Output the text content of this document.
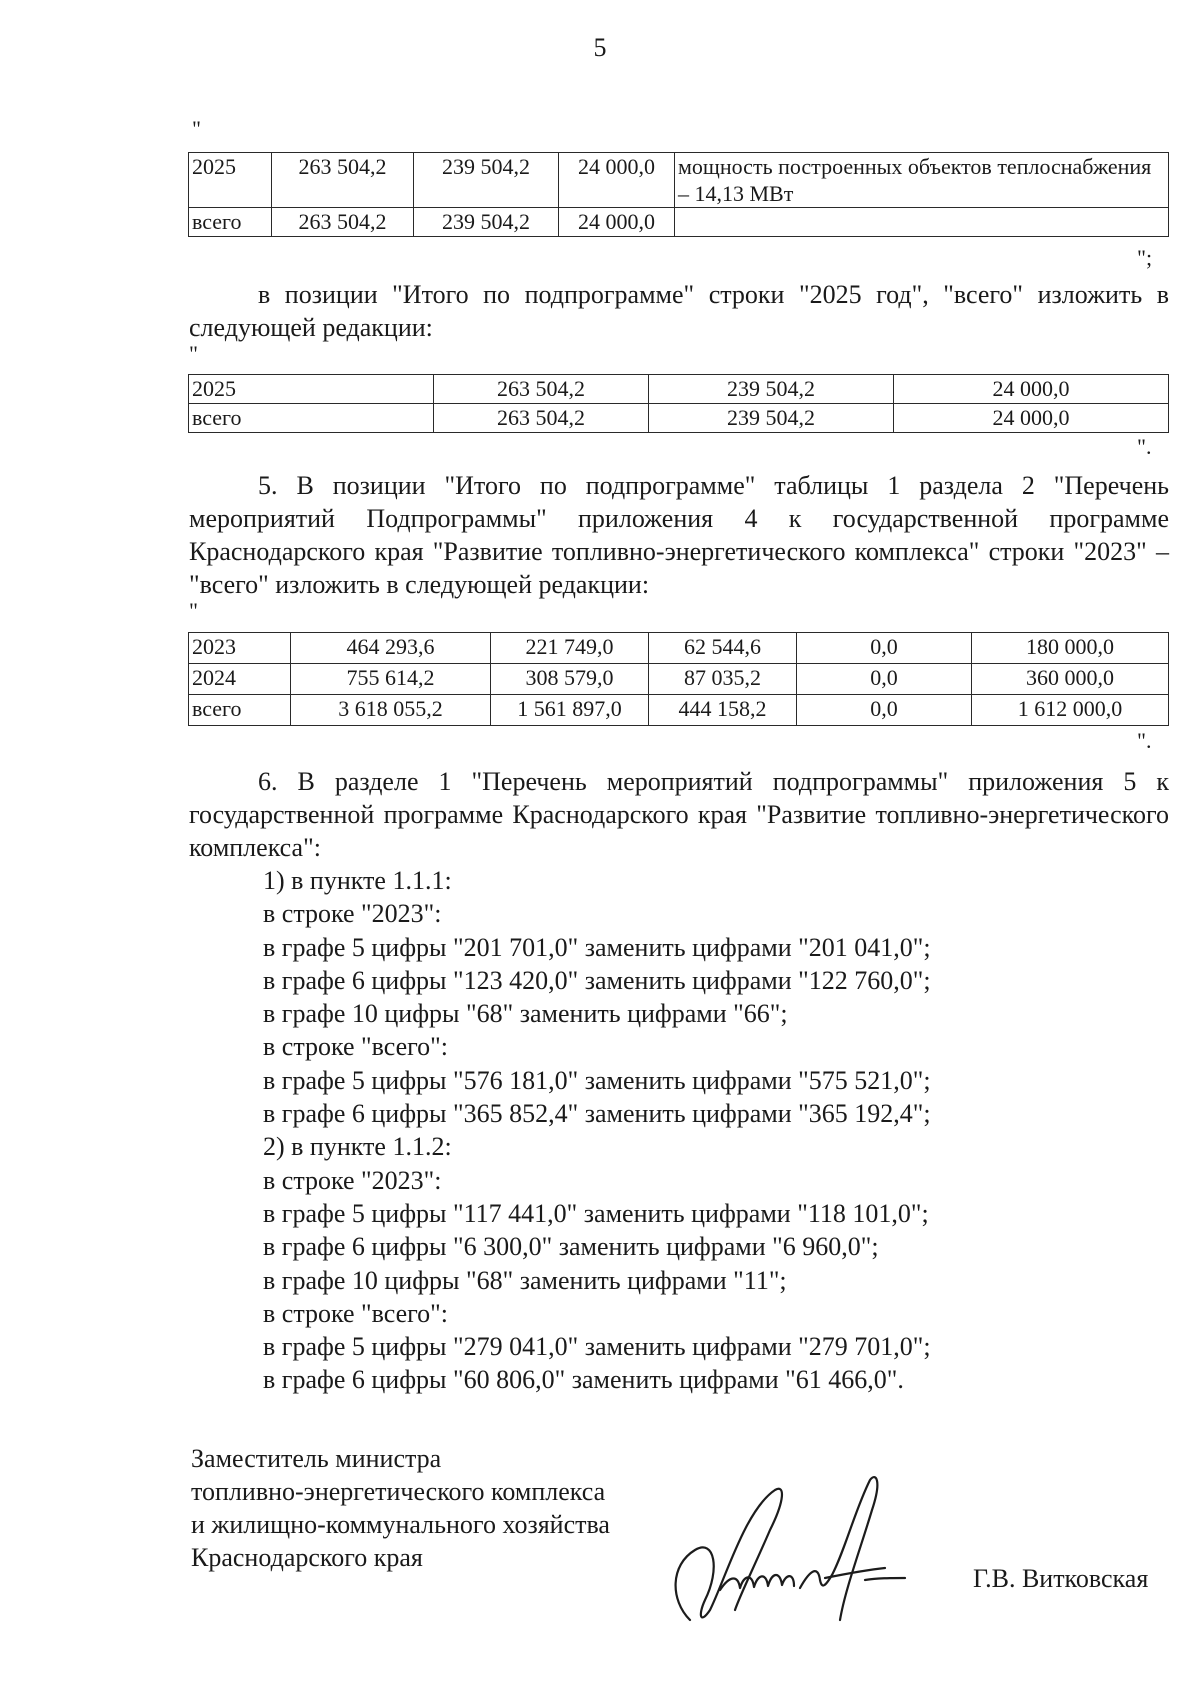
5
"
2025	263 504,2	239 504,2	24 000,0	мощность построенных объектов теплоснабжения – 14,13 МВт
всего	263 504,2	239 504,2	24 000,0	
";
в позиции "Итого по подпрограмме" строки "2025 год", "всего" изложить в следующей редакции:
"
2025	263 504,2	239 504,2	24 000,0
всего	263 504,2	239 504,2	24 000,0
".
5. В позиции "Итого по подпрограмме" таблицы 1 раздела 2 "Перечень мероприятий Подпрограммы" приложения 4 к государственной программе Краснодарского края "Развитие топливно-энергетического комплекса" строки "2023" – "всего" изложить в следующей редакции:
"
2023	464 293,6	221 749,0	62 544,6	0,0	180 000,0
2024	755 614,2	308 579,0	87 035,2	0,0	360 000,0
всего	3 618 055,2	1 561 897,0	444 158,2	0,0	1 612 000,0
".
6. В разделе 1 "Перечень мероприятий подпрограммы" приложения 5 к государственной программе Краснодарского края "Развитие топливно-энергетического комплекса":
1) в пункте 1.1.1:
в строке "2023":
в графе 5 цифры "201 701,0" заменить цифрами "201 041,0";
в графе 6 цифры "123 420,0" заменить цифрами "122 760,0";
в графе 10 цифры "68" заменить цифрами "66";
в строке "всего":
в графе 5 цифры "576 181,0" заменить цифрами "575 521,0";
в графе 6 цифры "365 852,4" заменить цифрами "365 192,4";
2) в пункте 1.1.2:
в строке "2023":
в графе 5 цифры "117 441,0" заменить цифрами "118 101,0";
в графе 6 цифры "6 300,0" заменить цифрами "6 960,0";
в графе 10 цифры "68" заменить цифрами "11";
в строке "всего":
в графе 5 цифры "279 041,0" заменить цифрами "279 701,0";
в графе 6 цифры "60 806,0" заменить цифрами "61 466,0".
Заместитель министра
топливно-энергетического комплекса
и жилищно-коммунального хозяйства
Краснодарского края
Г.В. Витковская
